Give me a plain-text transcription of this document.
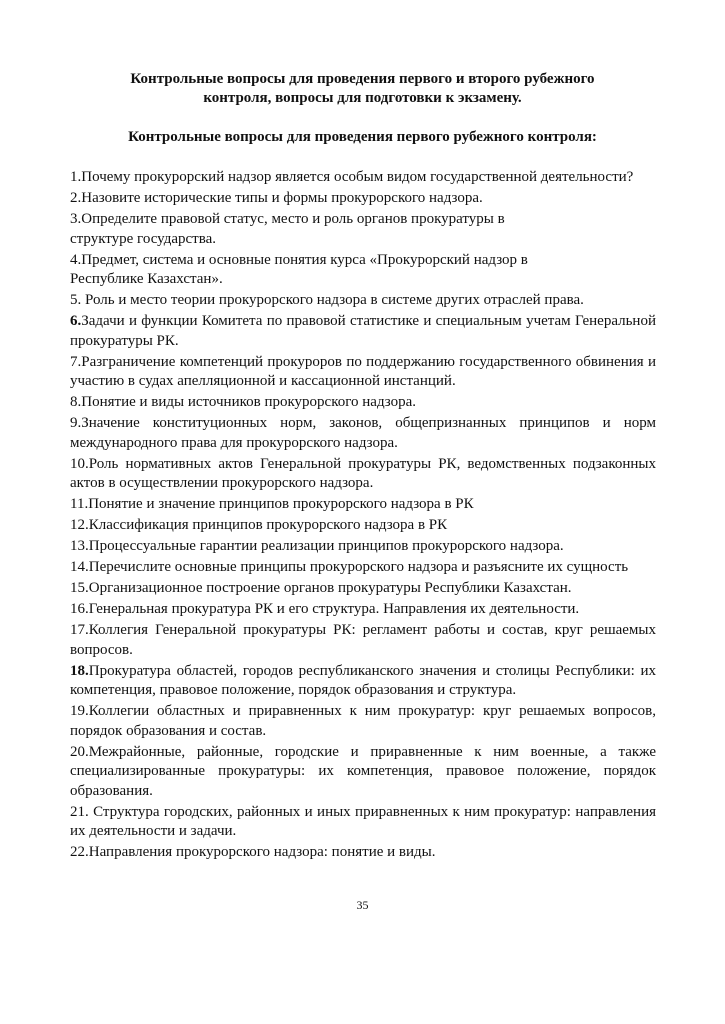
Контрольные вопросы для проведения первого и второго рубежного
контроля, вопросы для подготовки к экзамену.
Контрольные вопросы для проведения первого рубежного контроля:

1.Почему прокурорский надзор является особым видом государственной деятельности?

2.Назовите исторические типы и формы прокурорского надзора.

3.Определите правовой статус, место и роль органов прокуратуры в

структуре государства.

4.Предмет, система и основные понятия курса «Прокурорский надзор в

Республике Казахстан».

5. Роль и место теории прокурорского надзора в системе других отраслей права.

6.Задачи и функции Комитета по правовой статистике и специальным учетам Генеральной прокуратуры РК.

7.Разграничение компетенций прокуроров по поддержанию государственного обвинения и участию в судах апелляционной и кассационной инстанций.

8.Понятие и виды источников прокурорского надзора.

9.Значение конституционных норм, законов, общепризнанных принципов и норм международного права для прокурорского надзора.

10.Роль нормативных актов Генеральной прокуратуры РК, ведомственных подзаконных актов в осуществлении прокурорского надзора.

11.Понятие и значение принципов прокурорского надзора в РК

12.Классификация принципов прокурорского надзора в РК

13.Процессуальные гарантии реализации принципов прокурорского надзора.

14.Перечислите основные принципы прокурорского надзора и разъясните их сущность

15.Организационное построение органов прокуратуры Республики Казахстан.

16.Генеральная прокуратура РК и его структура. Направления их деятельности.

17.Коллегия Генеральной прокуратуры РК: регламент работы и состав, круг решаемых вопросов.

18.Прокуратура областей, городов республиканского значения и столицы Республики: их компетенция, правовое положение, порядок образования и структура.

19.Коллегии областных и приравненных к ним прокуратур: круг решаемых вопросов, порядок образования и состав.

20.Межрайонные, районные, городские и приравненные к ним военные, а также специализированные прокуратуры: их компетенция, правовое положение, порядок образования.

21. Структура городских, районных и иных приравненных к ним прокуратур: направления их деятельности и задачи.

22.Направления прокурорского надзора: понятие и виды.

35
